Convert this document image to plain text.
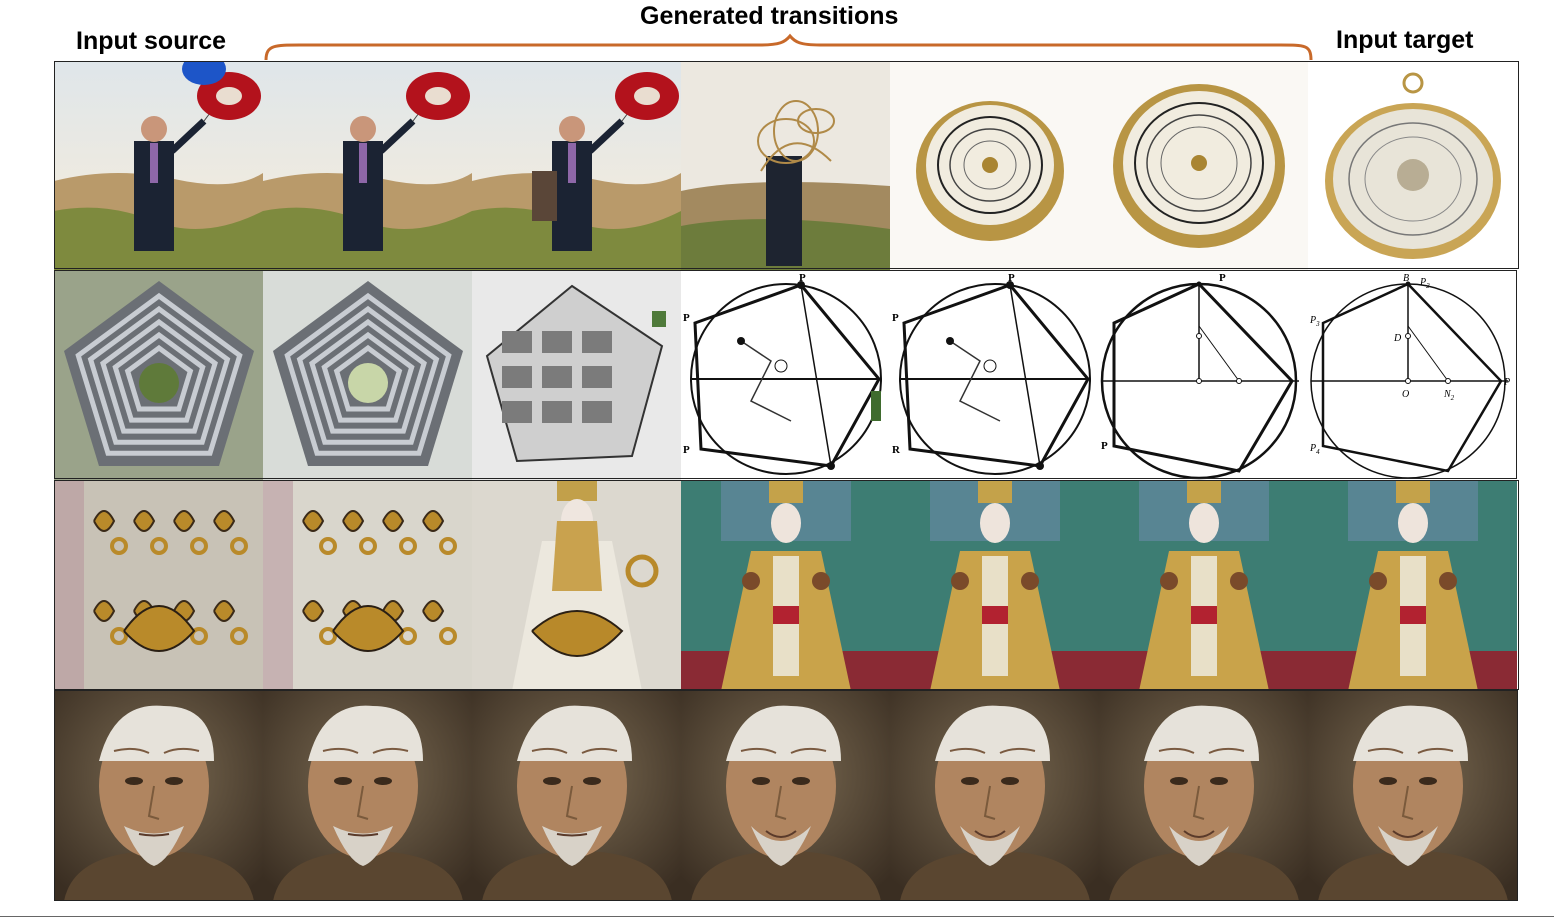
Input source
Generated transitions
Input target
P
P
P
P
P
R
P
P
B $P_2$
$P_3$
D
P
O	$N_2$
$P_4$
